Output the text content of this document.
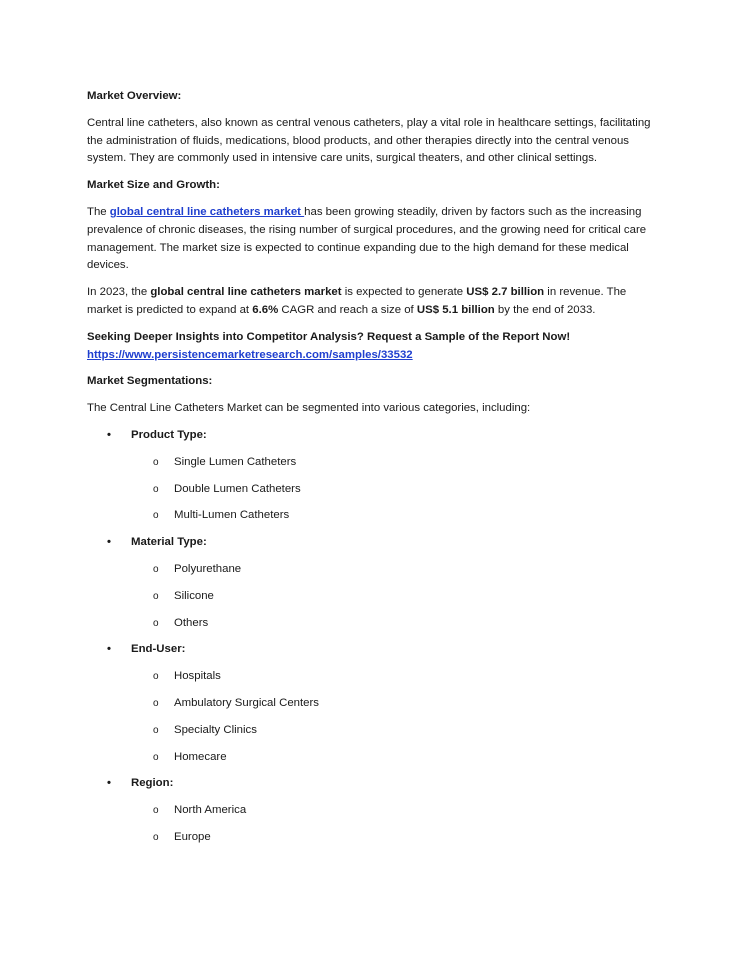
Market Overview:

Central line catheters, also known as central venous catheters, play a vital role in healthcare settings, facilitating the administration of fluids, medications, blood products, and other therapies directly into the central venous system. They are commonly used in intensive care units, surgical theaters, and other clinical settings.

Market Size and Growth:

The global central line catheters market has been growing steadily, driven by factors such as the increasing prevalence of chronic diseases, the rising number of surgical procedures, and the growing need for critical care management. The market size is expected to continue expanding due to the high demand for these medical devices.

In 2023, the global central line catheters market is expected to generate US$ 2.7 billion in revenue. The market is predicted to expand at 6.6% CAGR and reach a size of US$ 5.1 billion by the end of 2033.

Seeking Deeper Insights into Competitor Analysis? Request a Sample of the Report Now! https://www.persistencemarketresearch.com/samples/33532

Market Segmentations:

The Central Line Catheters Market can be segmented into various categories, including:

• Product Type:
o Single Lumen Catheters
o Double Lumen Catheters
o Multi-Lumen Catheters
• Material Type:
o Polyurethane
o Silicone
o Others
• End-User:
o Hospitals
o Ambulatory Surgical Centers
o Specialty Clinics
o Homecare
• Region:
o North America
o Europe
